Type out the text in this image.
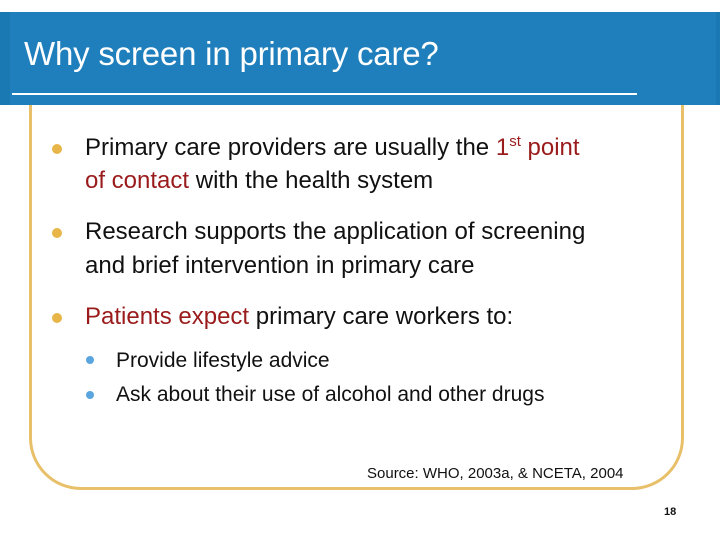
Why screen in primary care?
Primary care providers are usually the 1st point
of contact with the health system
Research supports the application of screening
and brief intervention in primary care
Patients expect primary care workers to:
Provide lifestyle advice
Ask about their use of alcohol and other drugs
Source: WHO, 2003a, & NCETA, 2004
18
